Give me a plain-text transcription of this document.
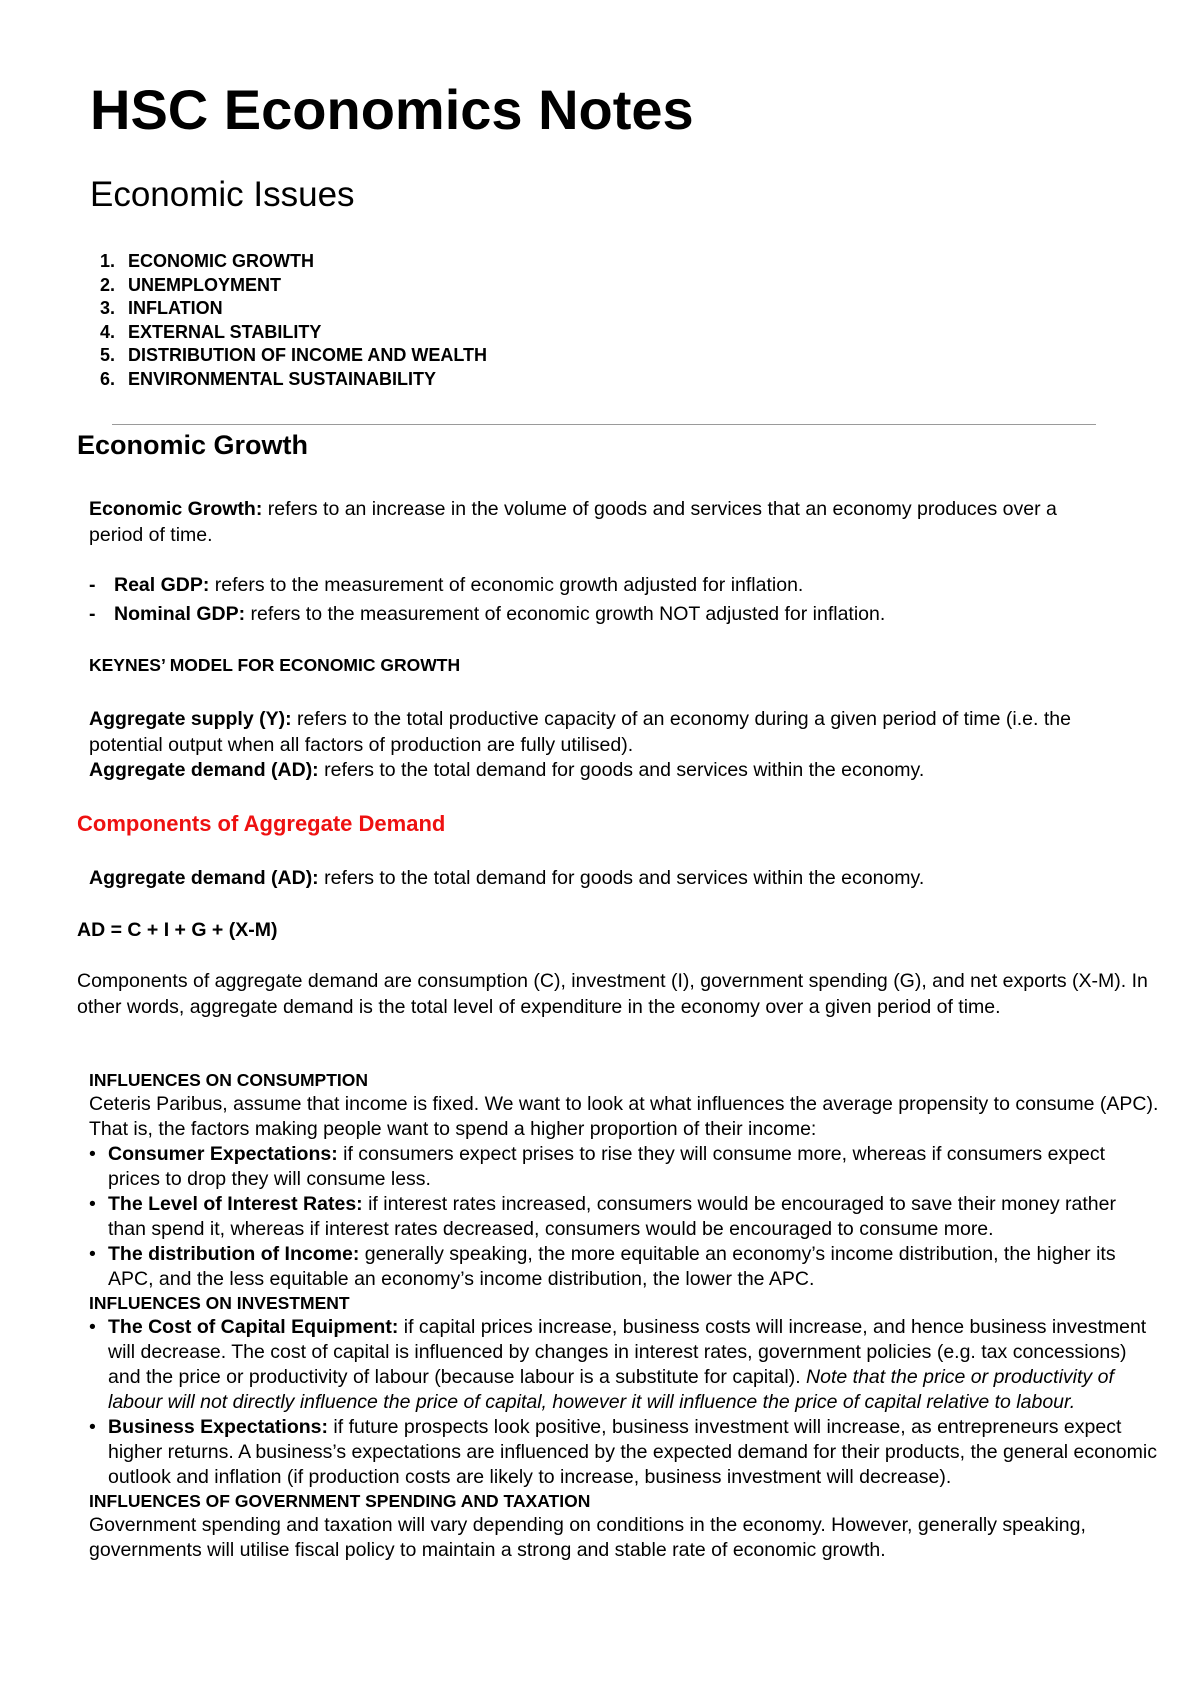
HSC Economics Notes
Economic Issues
1. ECONOMIC GROWTH
2. UNEMPLOYMENT
3. INFLATION
4. EXTERNAL STABILITY
5. DISTRIBUTION OF INCOME AND WEALTH
6. ENVIRONMENTAL SUSTAINABILITY
Economic Growth
Economic Growth: refers to an increase in the volume of goods and services that an economy produces over a period of time.
- Real GDP: refers to the measurement of economic growth adjusted for inflation.
- Nominal GDP: refers to the measurement of economic growth NOT adjusted for inflation.
KEYNES’ MODEL FOR ECONOMIC GROWTH
Aggregate supply (Y): refers to the total productive capacity of an economy during a given period of time (i.e. the potential output when all factors of production are fully utilised).
Aggregate demand (AD): refers to the total demand for goods and services within the economy.
Components of Aggregate Demand
Aggregate demand (AD): refers to the total demand for goods and services within the economy.
AD = C + I + G + (X-M)
Components of aggregate demand are consumption (C), investment (I), government spending (G), and net exports (X-M). In other words, aggregate demand is the total level of expenditure in the economy over a given period of time.
INFLUENCES ON CONSUMPTION
Ceteris Paribus, assume that income is fixed. We want to look at what influences the average propensity to consume (APC). That is, the factors making people want to spend a higher proportion of their income:
• Consumer Expectations: if consumers expect prises to rise they will consume more, whereas if consumers expect prices to drop they will consume less.
• The Level of Interest Rates: if interest rates increased, consumers would be encouraged to save their money rather than spend it, whereas if interest rates decreased, consumers would be encouraged to consume more.
• The distribution of Income: generally speaking, the more equitable an economy’s income distribution, the higher its APC, and the less equitable an economy’s income distribution, the lower the APC.
INFLUENCES ON INVESTMENT
• The Cost of Capital Equipment: if capital prices increase, business costs will increase, and hence business investment will decrease. The cost of capital is influenced by changes in interest rates, government policies (e.g. tax concessions) and the price or productivity of labour (because labour is a substitute for capital). Note that the price or productivity of labour will not directly influence the price of capital, however it will influence the price of capital relative to labour.
• Business Expectations: if future prospects look positive, business investment will increase, as entrepreneurs expect higher returns. A business’s expectations are influenced by the expected demand for their products, the general economic outlook and inflation (if production costs are likely to increase, business investment will decrease).
INFLUENCES OF GOVERNMENT SPENDING AND TAXATION
Government spending and taxation will vary depending on conditions in the economy. However, generally speaking, governments will utilise fiscal policy to maintain a strong and stable rate of economic growth.
